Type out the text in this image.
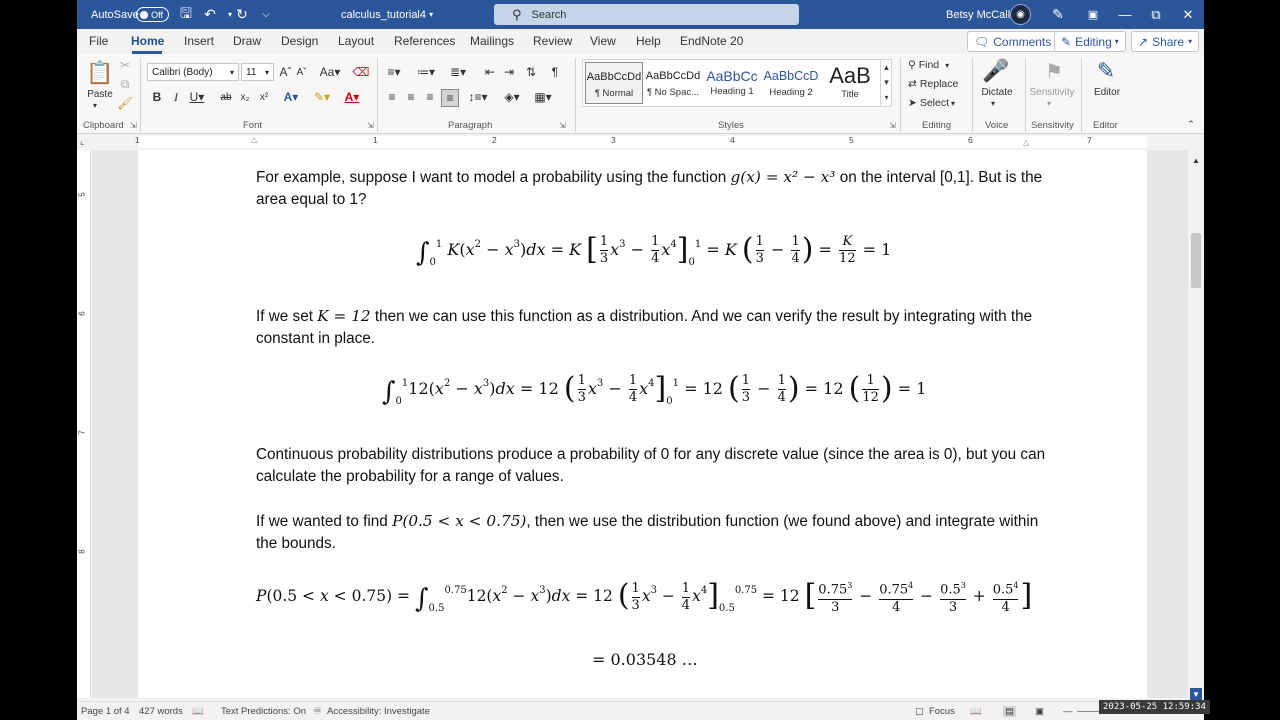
AutoSave Off	🖫 ↶	▾ ↻	⌵	calculus_tutorial4
▾	⚲ Search	Betsy McCall ◉	✎	▣	—	⧉	✕
File Home Insert Draw Design Layout References Mailings Review View Help EndNote 20	🗨 Comments ✎ Editing ▾ ↗ Share ▾
📋
Paste
▾
✂
⧉
🖌
Clipboard ⇲
Calibri (Body) ▾ 11 ▾ Aˆ Aˇ Aa▾ ⌫
B	I U▾ ab x₂	x²	A▾	✎▾	A▾
Font	⇲
≡▾	≔▾ ≣▾ ⇤ ⇥ ⇅	¶
≡ ≡ ≡	≡	↕≡▾	◈▾	▦▾
Paragraph	⇲
AaBbCcDd
¶ Normal
AaBbCcDd
¶ No Spac...
AaBbCc
Heading 1
AaBbCcD
Heading 2
AaB
Title
▲
▼
▾
Styles	⇲
⚲ Find ▾
⇄ Replace
➤ Select ▾
Editing
🎤
Dictate
▾
Voice
⚑
Sensitivity
▾
Sensitivity
✎
Editor
Editor	⌃
⌞	1	1	2	3	4	5	6	7
△	△
5
6
7
8
For example, suppose I want to model a probability using the function g(x) = x² − x³ on the interval [0,1]. But is the area equal to 1?
$\int_0^1$ $K(x^2 - x^3)dx = K$ [ $\frac{1}{3} x^3 - \frac{1}{4} x^4]_0^1 = K$ ( $\frac{1}{3} - \frac{1}{4}$ ) = $\frac{K}{12} = 1$
If we set K = 12 then we can use this function as a distribution. And we can verify the result by integrating with the constant in place.
$\int_0^112(x^2 - x^3)dx = 12$ ( $\frac{1}{3} x^3 - \frac{1}{4} x^4]_0^1 = 12$ ( $\frac{1}{3} - \frac{1}{4}$ ) = 12 ( $\frac{1}{12}$ ) = 1
Continuous probability distributions produce a probability of 0 for any discrete value (since the area is 0), but you can calculate the probability for a range of values.
If we wanted to find P(0.5 < x < 0.75), then we use the distribution function (we found above) and integrate within the bounds.
$P(0.5 < x < 0.75) = \int_{0.5}^{0.75}12(x^2 - x^3)dx = 12$ ( $\frac{1}{3} x^3 - \frac{1}{4} x^4]_{0.5}^{0.75} = 12$ [ $\frac{0.75^3}{3} - \frac{0.75^4}{4} - \frac{0.5^3}{3} + \frac{0.5^4}{4}$ ]
= 0.03548 …
▲
▼
Page 1 of 4 427 words 📖 Text Predictions: On ♾ Accessibility: Investigate	▢ Focus 📖 ▤ ▣ —	2023-05-25 12:59:34
